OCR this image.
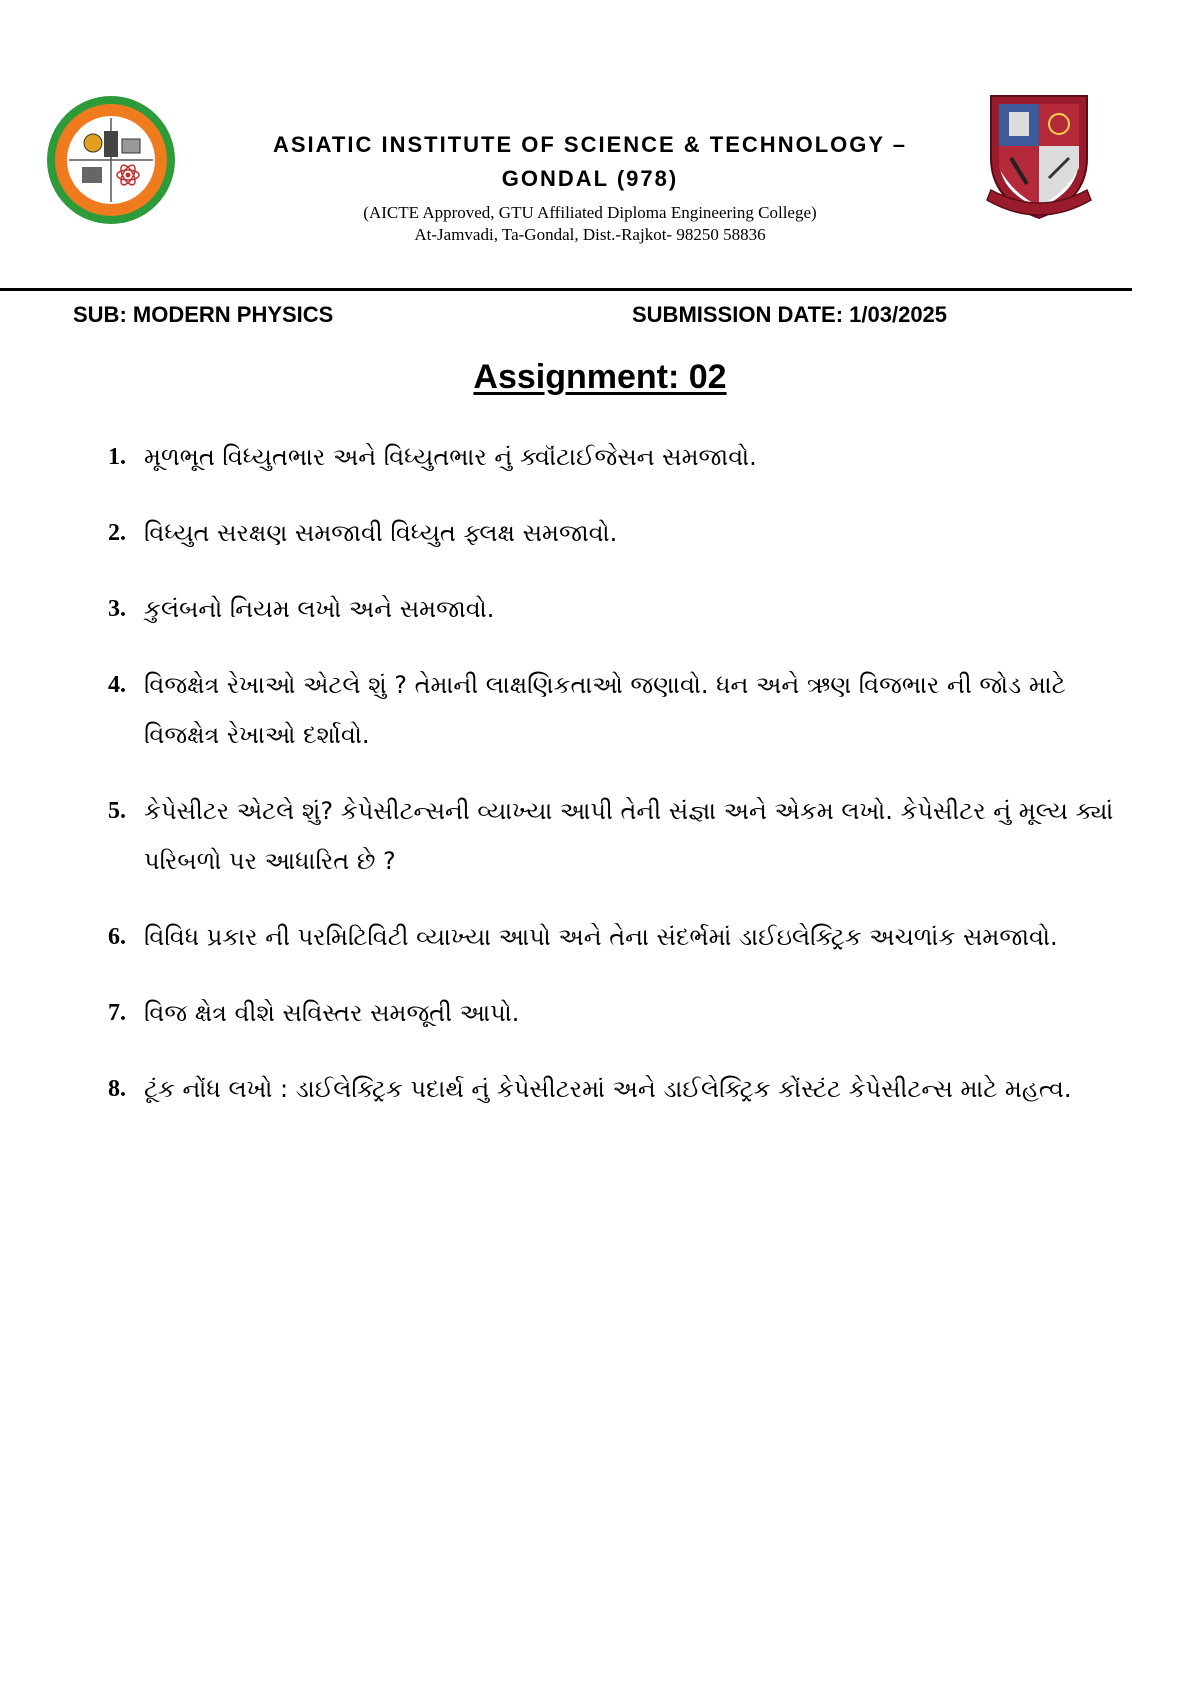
ASIATIC INSTITUTE OF SCIENCE & TECHNOLOGY –
GONDAL (978)
(AICTE Approved, GTU Affiliated Diploma Engineering College)
At-Jamvadi, Ta-Gondal, Dist.-Rajkot- 98250 58836
SUB: MODERN PHYSICS	SUBMISSION DATE: 1/03/2025
Assignment: 02
1. મૂળભૂત વિધ્યુતભાર અને વિધ્યુતભાર નું ક્વૉંટાઈજેસન સમજાવો.
2. વિધ્યુત સરક્ષણ સમજાવી વિધ્યુત ફ્લક્ષ સમજાવો.
3. કુલંબનો નિયમ લખો અને સમજાવો.
4. વિજક્ષેત્ર રેખાઓ એટલે શું ? તેમાની લાક્ષણિકતાઓ જણાવો. ધન અને ઋણ વિજભાર ની જોડ માટે વિજક્ષેત્ર રેખાઓ દર્શાવો.
5. કેપેસીટર એટલે શું? કેપેસીટન્સની વ્યાખ્યા આપી તેની સંજ્ઞા અને એકમ લખો. કેપેસીટર નું મૂલ્ય ક્યાં પરિબળો પર આધારિત છે ?
6. વિવિધ પ્રકાર ની પરમિટિવિટી વ્યાખ્યા આપો અને તેના સંદર્ભમાં ડાઈઇલેક્ટ્રિક અચળાંક સમજાવો.
7. વિજ ક્ષેત્ર વીશે સવિસ્તર સમજૂતી આપો.
8. ટૂંક નોંધ લખો : ડાઈલેક્ટ્રિક પદાર્થ નું કેપેસીટરમાં અને ડાઈલેક્ટ્રિક કોંસ્ટંટ કેપેસીટન્સ માટે મહત્વ.
